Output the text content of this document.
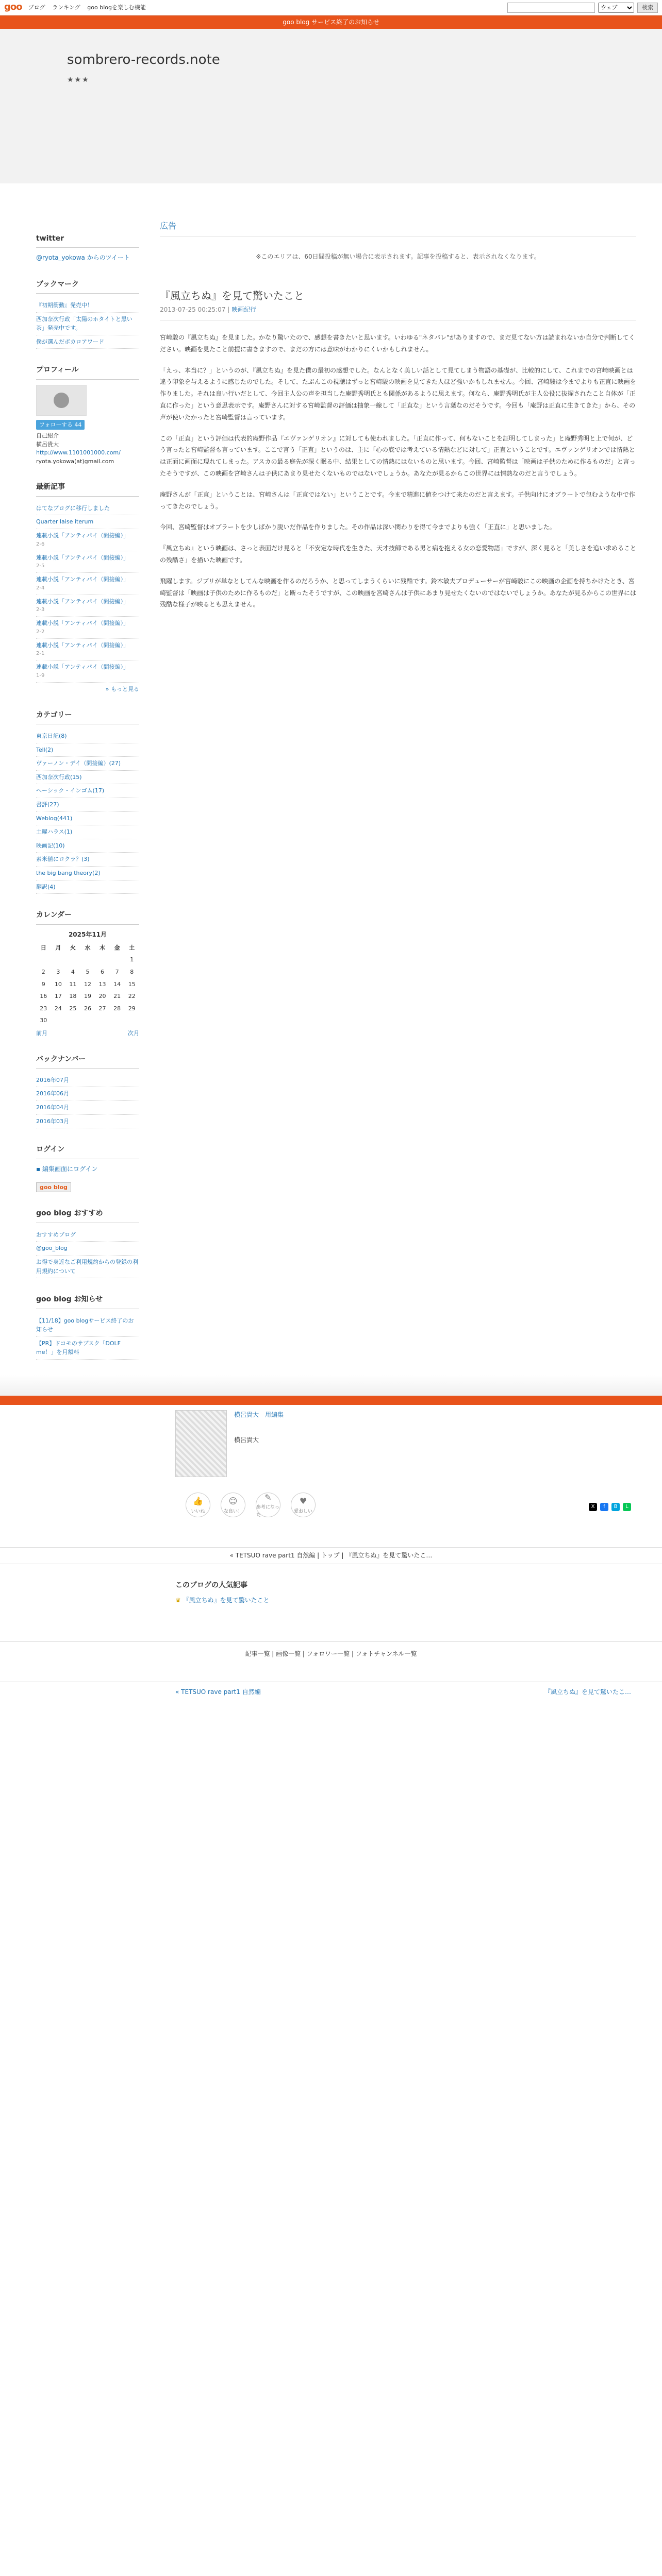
goo ブログ ランキング goo blogを楽しむ機能
ウェブ	検索
goo blog サービス終了のお知らせ
sombrero-records.note
★★★
twitter
@ryota_yokowa からのツイート
ブックマーク
『初期衝動』発売中！
西加奈次行政「太陽のホタイトと黒い茶」発売中です。
僕が選んだボカロアワード
プロフィール
フォローする 44
自己紹介
横呂貴大
http://www.1101001000.com/
ryota.yokowa(at)gmail.com
最新記事
はてなブログに移行しました
Quarter laise iterum
連載小説「アンティパイ（間接編）」
2-6
連載小説「アンティパイ（間接編）」
2-5
連載小説「アンティパイ（間接編）」
2-4
連載小説「アンティパイ（間接編）」
2-3
連載小説「アンティパイ（間接編）」
2-2
連載小説「アンティパイ（間接編）」
2-1
連載小説「アンティパイ（間接編）」
1-9
» もっと見る
カテゴリー
東京日記(8)
Tell(2)
ヴァーノン・デイ（間接編）(27)
西加奈次行政(15)
ヘーシック・インゴム(17)
書評(27)
Weblog(441)
土曜ハラス(1)
映画記(10)
素米値にロクラ？(3)
the big bang theory(2)
翻訳(4)
カレンダー
2025年11月
日	月	火	水	木	金	土
						1
2	3	4	5	6	7	8
9	10	11	12	13	14	15
16	17	18	19	20	21	22
23	24	25	26	27	28	29
30						
前月	次月
バックナンバー
2016年07月
2016年06月
2016年04月
2016年03月
ログイン
▪ 編集画面にログイン
goo blog
goo blog おすすめ
おすすめブログ
@goo_blog
お得で身近なご利用規約からの登録の利用規約について
goo blog お知らせ
【11/18】goo blogサービス終了のお知らせ
【PR】ドコモのサブスク「DOLF me！」を月額料
広告
※このエリアは、60日間投稿が無い場合に表示されます。記事を投稿すると、表示されなくなります。
『風立ちぬ』を見て驚いたこと
2013-07-25 00:25:07 | 映画紀行

宮崎駿の『風立ちぬ』を見ました。かなり驚いたので、感想を書きたいと思います。いわゆる"ネタバレ"がありますので、まだ見てない方は読まれないか自分で判断してください。映画を見たこと前提に書きますので、まだの方には意味がわかりにくいかもしれません。

「えっ、本当に？」というのが、『風立ちぬ』を見た僕の最初の感想でした。なんとなく美しい話として見てしまう物語の基礎が、比較的にして、これまでの宮崎映画とは違う印象を与えるように感じたのでした。そして、たぶんこの視聴はずっと宮崎駿の映画を見てきた人ほど強いかもしれません。今回、宮崎駿は今までよりも正直に映画を作りました。それは良い行いだとして、今回主人公の声を担当した庵野秀明氏とも関係があるように思えます。何なら、庵野秀明氏が主人公役に抜擢されたこと自体が「正直に作った」という意思表示です。庵野さんに対する宮崎監督の評価は抽象一線して「正直な」という言葉なのだそうです。今回も「庵野は正直に生きてきた」から、その声が使いたかったと宮崎監督は言っています。

この「正直」という評価は代表的庵野作品『エヴァンゲリオン』に対しても使われました。「正直に作って、何もないことを証明してしまった」と庵野秀明と上で何が、どう言ったと宮崎監督も言っています。ここで言う「正直」というのは、主に「心の底では考えている情熱などに対して」正直ということです。エヴァンゲリオンでは情熱とは正面に画面に現れてしまった。アスカの最る庭先が深く眠る中、結果としての情熱にはないものと思います。今回、宮崎監督は「映画は子供のために作るものだ」と言ったそうですが、この映画を宮崎さんは子供にあまり見せたくないものではないでしょうか。あなたが見るからこの世界には情熱なのだと言うでしょう。

庵野さんが「正直」ということは、宮崎さんは「正直ではない」ということです。今まで精進に値をつけて来たのだと言えます。子供向けにオブラートで包むような中で作ってきたのでしょう。

今回、宮崎監督はオブラートを少しばかり脱いだ作品を作りました。その作品は深い関わりを得て今までよりも強く「正直に」と思いました。

『風立ちぬ』という映画は、さっと表面だけ見ると「不安定な時代を生きた、天才技師である男と病を抱える女の恋愛物語」ですが、深く見ると「美しさを追い求めることの残酷さ」を描いた映画です。

飛躍します。ジブリが単なとしてんな映画を作るのだろうか、と思ってしまうくらいに残酷です。鈴木敏夫プロデューサーが宮崎駿にこの映画の企画を持ちかけたとき、宮崎監督は「映画は子供のために作るものだ」と断ったそうですが、この映画を宮崎さんは子供にあまり見せたくないのではないでしょうか。あなたが見るからこの世界には残酷な様子が映るとも思えません。

横呂貴大 用編集
横呂貴大
👍
いいね
☺
な良い！
✎
参考になった
♥
愛おしい
X	f	B	L
« TETSUO rave part1 自然編 | トップ | 『風立ちぬ』を見て驚いたこ…
このブログの人気記事
♛ 『風立ちぬ』を見て驚いたこと
記事一覧 | 画像一覧 | フォロワー一覧 | フォトチャンネル一覧
« TETSUO rave part1 自然編	『風立ちぬ』を見て驚いたこ…
